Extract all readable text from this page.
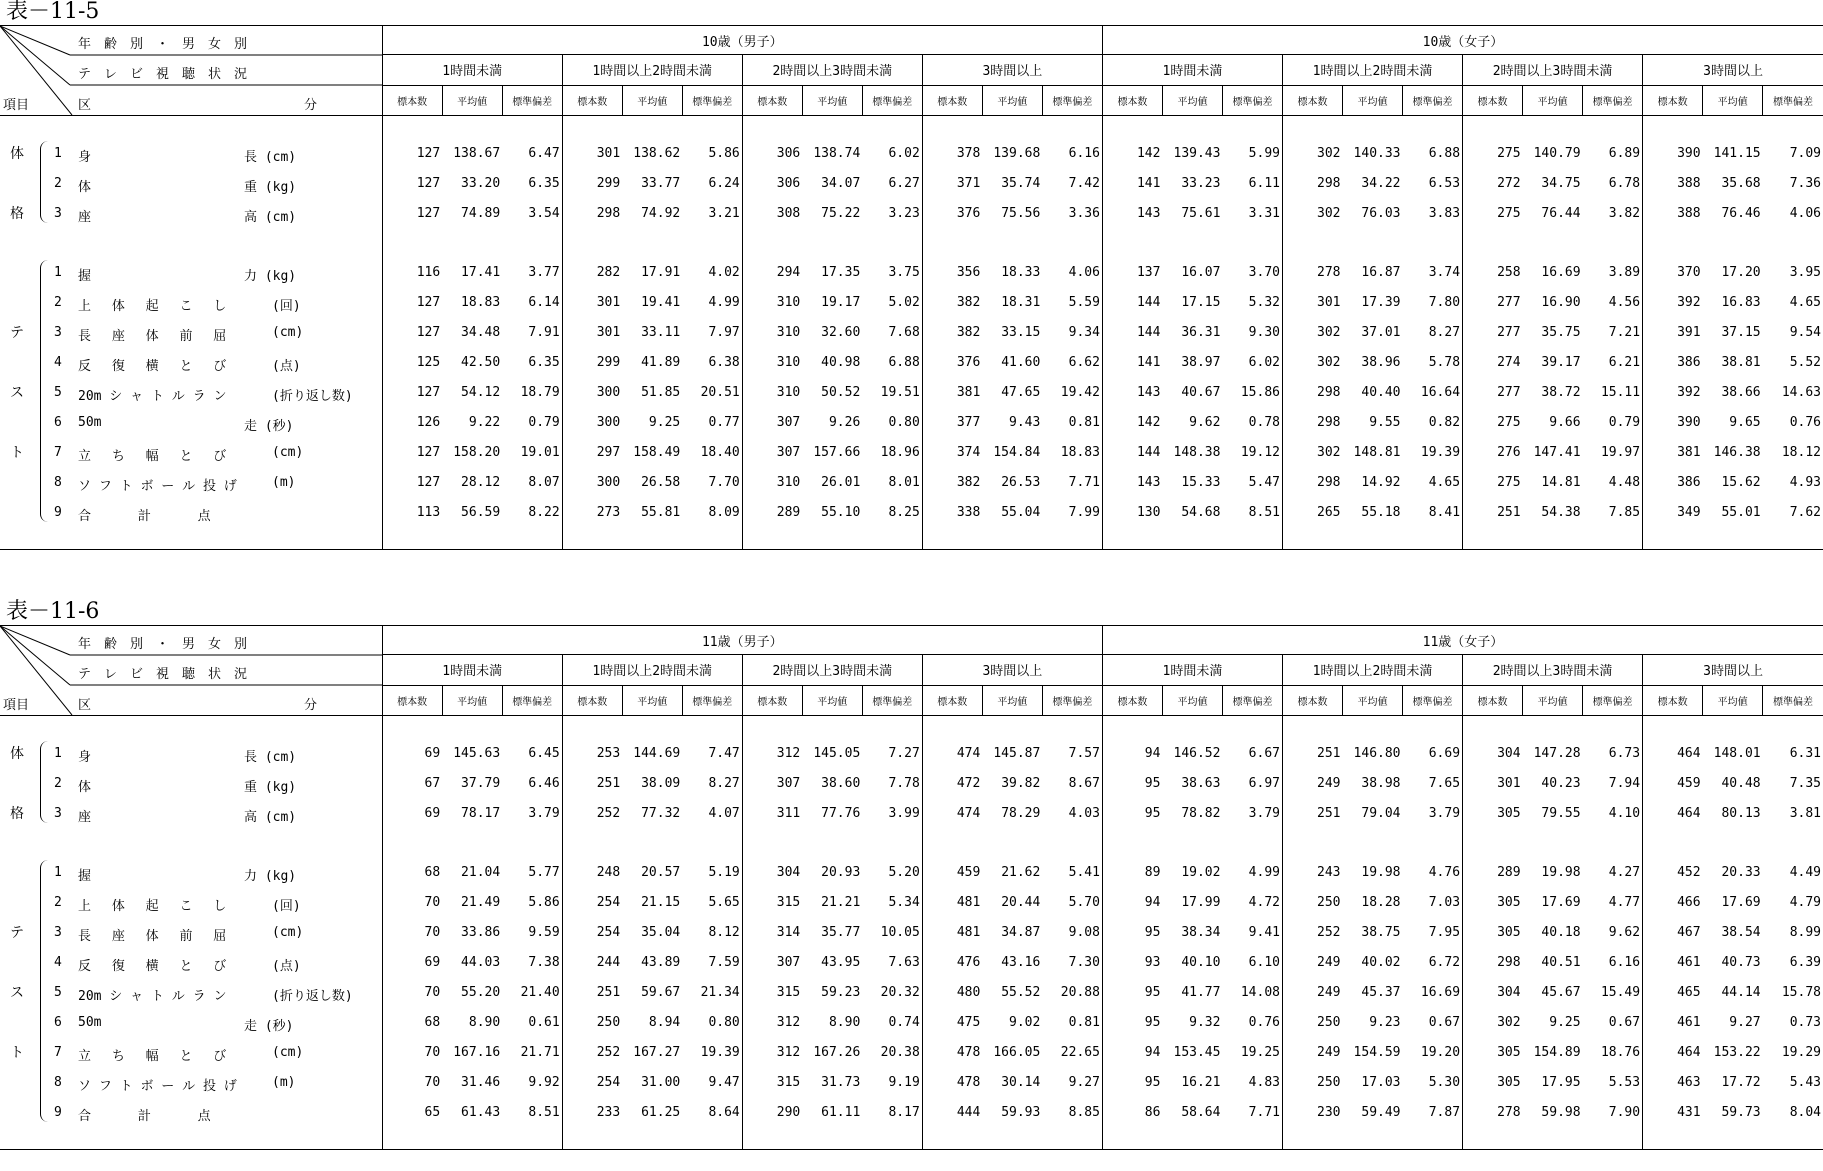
表－11-5
年　齢　別　・　男　女　別
テ　レ　ビ　視　聴　状　況
項目 区 分	10歳（男子）												10歳（女子）											
	1時間未満			1時間以上2時間未満			2時間以上3時間未満			3時間以上			1時間未満			1時間以上2時間未満			2時間以上3時間未満			3時間以上		
	標本数	平均値	標準偏差	標本数	平均値	標準偏差	標本数	平均値	標準偏差	標本数	平均値	標準偏差	標本数	平均値	標準偏差	標本数	平均値	標準偏差	標本数	平均値	標準偏差	標本数	平均値	標準偏差

1 身　　　　　　　　　　　 長 (cm)	127	138.67	6.47	301	138.62	5.86	306	138.74	6.02	378	139.68	6.16	142	139.43	5.99	302	140.33	6.88	275	140.79	6.89	390	141.15	7.09

2 体 重 (kg)	127	33.20	6.35	299	33.77	6.24	306	34.07	6.27	371	35.74	7.42	141	33.23	6.11	298	34.22	6.53	272	34.75	6.78	388	35.68	7.36

3 座 高 (cm)	127	74.89	3.54	298	74.92	3.21	308	75.22	3.23	376	75.56	3.36	143	75.61	3.31	302	76.03	3.83	275	76.44	3.82	388	76.46	4.06

1 握 力 (kg)	116	17.41	3.77	282	17.91	4.02	294	17.35	3.75	356	18.33	4.06	137	16.07	3.70	278	16.87	3.74	258	16.69	3.89	370	17.20	3.95

2 上　 体　 起　 こ　 し (回)	127	18.83	6.14	301	19.41	4.99	310	19.17	5.02	382	18.31	5.59	144	17.15	5.32	301	17.39	7.80	277	16.90	4.56	392	16.83	4.65

3 長　 座　 体　 前　 屈 (cm)	127	34.48	7.91	301	33.11	7.97	310	32.60	7.68	382	33.15	9.34	144	36.31	9.30	302	37.01	8.27	277	35.75	7.21	391	37.15	9.54

4 反　 復　 横　 と　 び (点)	125	42.50	6.35	299	41.89	6.38	310	40.98	6.88	376	41.60	6.62	141	38.97	6.02	302	38.96	5.78	274	39.17	6.21	386	38.81	5.52

5 20m シ ャ ト ル ラ ン (折り返し数)	127	54.12	18.79	300	51.85	20.51	310	50.52	19.51	381	47.65	19.42	143	40.67	15.86	298	40.40	16.64	277	38.72	15.11	392	38.66	14.63

6 50m 走 (秒)	126	9.22	0.79	300	9.25	0.77	307	9.26	0.80	377	9.43	0.81	142	9.62	0.78	298	9.55	0.82	275	9.66	0.79	390	9.65	0.76

7 立　 ち　 幅　 と　 び (cm)	127	158.20	19.01	297	158.49	18.40	307	157.66	18.96	374	154.84	18.83	144	148.38	19.12	302	148.81	19.39	276	147.41	19.97	381	146.38	18.12

8 ソ フ ト ボ ー ル 投 げ (m)	127	28.12	8.07	300	26.58	7.70	310	26.01	8.01	382	26.53	7.71	143	15.33	5.47	298	14.92	4.65	275	14.81	4.48	386	15.62	4.93

9 合　　　 計　　　 点	113	56.59	8.22	273	55.81	8.09	289	55.10	8.25	338	55.04	7.99	130	54.68	8.51	265	55.18	8.41	251	54.38	7.85	349	55.01	7.62

体
格
テ
ス
ト
表－11-6
年　齢　別　・　男　女　別
テ　レ　ビ　視　聴　状　況
項目 区 分	11歳（男子）												11歳（女子）											
	1時間未満			1時間以上2時間未満			2時間以上3時間未満			3時間以上			1時間未満			1時間以上2時間未満			2時間以上3時間未満			3時間以上		
	標本数	平均値	標準偏差	標本数	平均値	標準偏差	標本数	平均値	標準偏差	標本数	平均値	標準偏差	標本数	平均値	標準偏差	標本数	平均値	標準偏差	標本数	平均値	標準偏差	標本数	平均値	標準偏差

1 身　　　　　　　　　　　 長 (cm)	69	145.63	6.45	253	144.69	7.47	312	145.05	7.27	474	145.87	7.57	94	146.52	6.67	251	146.80	6.69	304	147.28	6.73	464	148.01	6.31

2 体 重 (kg)	67	37.79	6.46	251	38.09	8.27	307	38.60	7.78	472	39.82	8.67	95	38.63	6.97	249	38.98	7.65	301	40.23	7.94	459	40.48	7.35

3 座 高 (cm)	69	78.17	3.79	252	77.32	4.07	311	77.76	3.99	474	78.29	4.03	95	78.82	3.79	251	79.04	3.79	305	79.55	4.10	464	80.13	3.81

1 握 力 (kg)	68	21.04	5.77	248	20.57	5.19	304	20.93	5.20	459	21.62	5.41	89	19.02	4.99	243	19.98	4.76	289	19.98	4.27	452	20.33	4.49

2 上　 体　 起　 こ　 し (回)	70	21.49	5.86	254	21.15	5.65	315	21.21	5.34	481	20.44	5.70	94	17.99	4.72	250	18.28	7.03	305	17.69	4.77	466	17.69	4.79

3 長　 座　 体　 前　 屈 (cm)	70	33.86	9.59	254	35.04	8.12	314	35.77	10.05	481	34.87	9.08	95	38.34	9.41	252	38.75	7.95	305	40.18	9.62	467	38.54	8.99

4 反　 復　 横　 と　 び (点)	69	44.03	7.38	244	43.89	7.59	307	43.95	7.63	476	43.16	7.30	93	40.10	6.10	249	40.02	6.72	298	40.51	6.16	461	40.73	6.39

5 20m シ ャ ト ル ラ ン (折り返し数)	70	55.20	21.40	251	59.67	21.34	315	59.23	20.32	480	55.52	20.88	95	41.77	14.08	249	45.37	16.69	304	45.67	15.49	465	44.14	15.78

6 50m 走 (秒)	68	8.90	0.61	250	8.94	0.80	312	8.90	0.74	475	9.02	0.81	95	9.32	0.76	250	9.23	0.67	302	9.25	0.67	461	9.27	0.73

7 立　 ち　 幅　 と　 び (cm)	70	167.16	21.71	252	167.27	19.39	312	167.26	20.38	478	166.05	22.65	94	153.45	19.25	249	154.59	19.20	305	154.89	18.76	464	153.22	19.29

8 ソ フ ト ボ ー ル 投 げ (m)	70	31.46	9.92	254	31.00	9.47	315	31.73	9.19	478	30.14	9.27	95	16.21	4.83	250	17.03	5.30	305	17.95	5.53	463	17.72	5.43

9 合　　　 計　　　 点	65	61.43	8.51	233	61.25	8.64	290	61.11	8.17	444	59.93	8.85	86	58.64	7.71	230	59.49	7.87	278	59.98	7.90	431	59.73	8.04

体
格
テ
ス
ト
